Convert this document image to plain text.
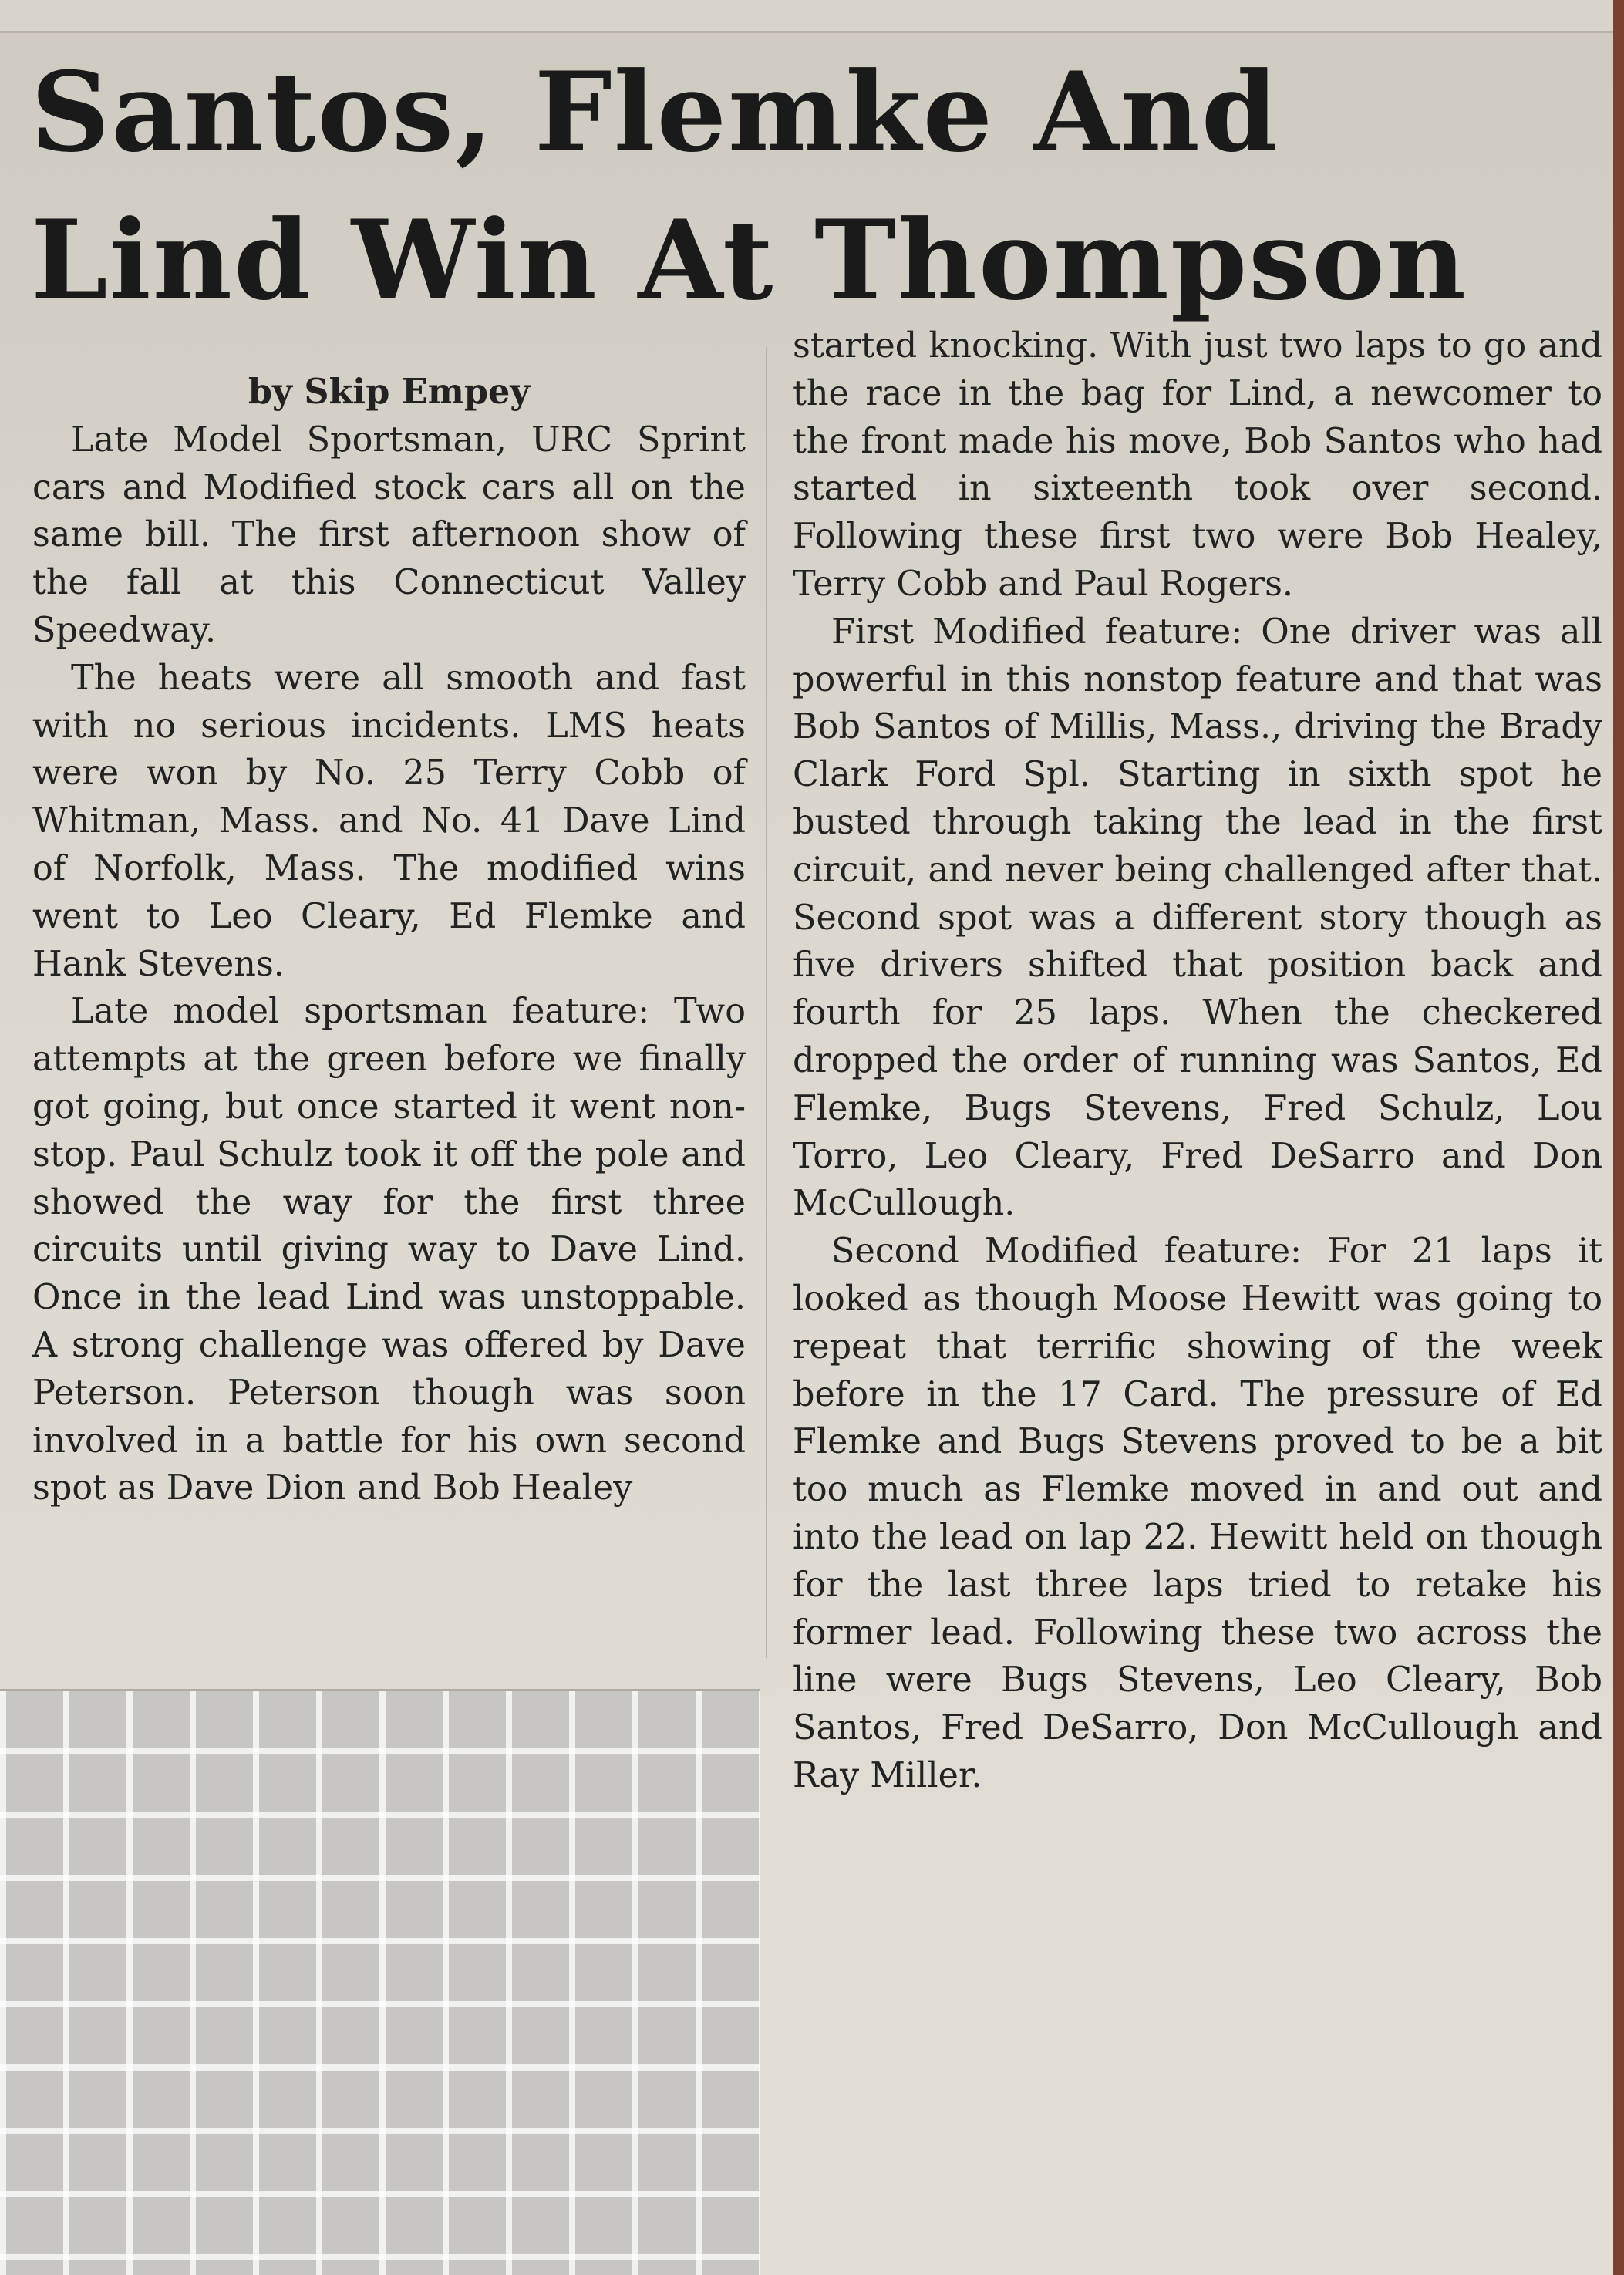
Santos, Flemke And
Lind Win At Thompson

by Skip Empey

Late Model Sportsman, URC Sprint cars and Modified stock cars all on the same bill. The first afternoon show of the fall at this Connecticut Valley Speedway.

The heats were all smooth and fast with no serious incidents. LMS heats were won by No. 25 Terry Cobb of Whitman, Mass. and No. 41 Dave Lind of Norfolk, Mass. The modified wins went to Leo Cleary, Ed Flemke and Hank Stevens.

Late model sportsman feature: Two attempts at the green before we finally got going, but once started it went non-stop. Paul Schulz took it off the pole and showed the way for the first three circuits until giving way to Dave Lind. Once in the lead Lind was unstoppable. A strong challenge was offered by Dave Peterson. Peterson though was soon involved in a battle for his own second spot as Dave Dion and Bob Healey

started knocking. With just two laps to go and the race in the bag for Lind, a newcomer to the front made his move, Bob Santos who had started in sixteenth took over second. Following these first two were Bob Healey, Terry Cobb and Paul Rogers.

First Modified feature: One driver was all powerful in this nonstop feature and that was Bob Santos of Millis, Mass., driving the Brady Clark Ford Spl. Starting in sixth spot he busted through taking the lead in the first circuit, and never being challenged after that. Second spot was a different story though as five drivers shifted that position back and fourth for 25 laps. When the checkered dropped the order of running was Santos, Ed Flemke, Bugs Stevens, Fred Schulz, Lou Torro, Leo Cleary, Fred DeSarro and Don McCullough.

Second Modified feature: For 21 laps it looked as though Moose Hewitt was going to repeat that terrific showing of the week before in the 17 Card. The pressure of Ed Flemke and Bugs Stevens proved to be a bit too much as Flemke moved in and out and into the lead on lap 22. Hewitt held on though for the last three laps tried to retake his former lead. Following these two across the line were Bugs Stevens, Leo Cleary, Bob Santos, Fred DeSarro, Don McCullough and Ray Miller.
